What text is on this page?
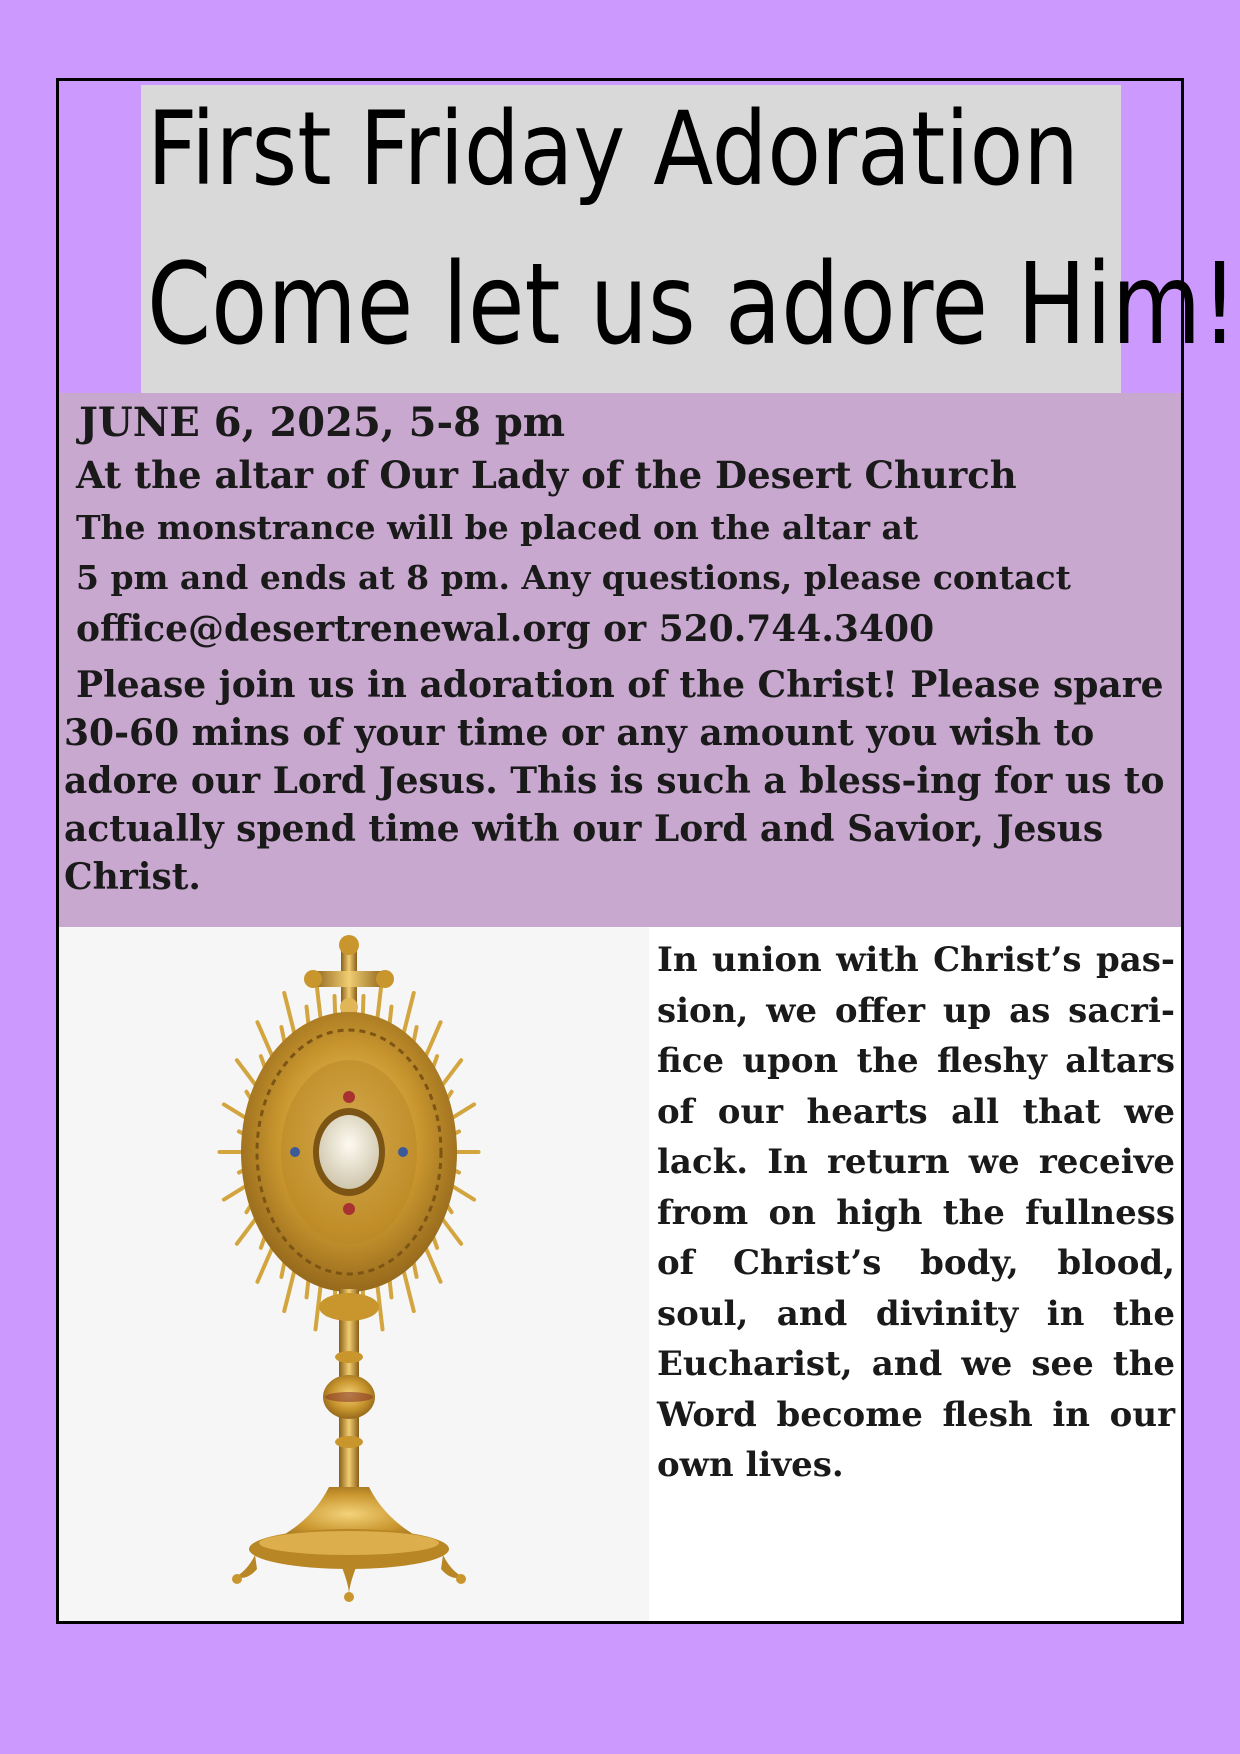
First Friday Adoration
Come let us adore Him!

JUNE 6, 2025, 5-8 pm

At the altar of Our Lady of the Desert Church

The monstrance will be placed on the altar at

5 pm and ends at 8 pm. Any questions, please contact

office@desertrenewal.org or 520.744.3400

Please join us in adoration of the Christ! Please spare 30-60 mins of your time or any amount you wish to adore our Lord Jesus. This is such a bless-ing for us to actually spend time with our Lord and Savior, Jesus Christ.

In union with Christ’s pas-sion, we offer up as sacri-fice upon the fleshy altars of our hearts all that we lack. In return we receive from on high the fullness of Christ’s body, blood, soul, and divinity in the Eucharist, and we see the Word become flesh in our own lives.
